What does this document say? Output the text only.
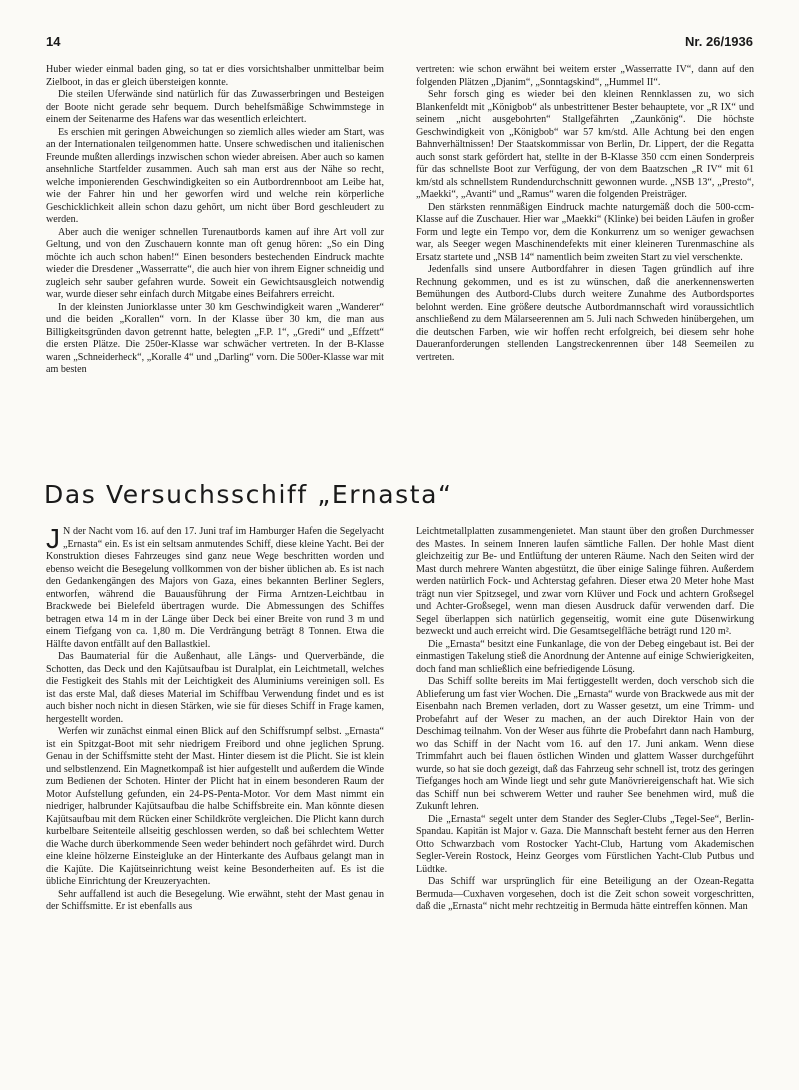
14	Nr. 26/1936

Huber wieder einmal baden ging, so tat er dies vorsichtshalber unmittelbar beim Zielboot, in das er gleich übersteigen konnte.

Die steilen Uferwände sind natürlich für das Zuwasserbringen und Besteigen der Boote nicht gerade sehr bequem. Durch behelfsmäßige Schwimmstege in einem der Seitenarme des Hafens war das wesentlich erleichtert.

Es erschien mit geringen Abweichungen so ziemlich alles wieder am Start, was an der Internationalen teilgenommen hatte. Unsere schwedischen und italienischen Freunde mußten allerdings inzwischen schon wieder abreisen. Aber auch so kamen ansehnliche Startfelder zusammen. Auch sah man erst aus der Nähe so recht, welche imponierenden Geschwindigkeiten so ein Autbordrennboot am Leibe hat, wie der Fahrer hin und her geworfen wird und welche rein körperliche Geschicklichkeit allein schon dazu gehört, um nicht über Bord geschleudert zu werden.

Aber auch die weniger schnellen Turenautbords kamen auf ihre Art voll zur Geltung, und von den Zuschauern konnte man oft genug hören: „So ein Ding möchte ich auch schon haben!“ Einen besonders bestechenden Eindruck machte wieder die Dresdener „Wasserratte“, die auch hier von ihrem Eigner schneidig und zugleich sehr sauber gefahren wurde. Soweit ein Gewichtsausgleich notwendig war, wurde dieser sehr einfach durch Mitgabe eines Beifahrers erreicht.

In der kleinsten Juniorklasse unter 30 km Geschwindigkeit waren „Wanderer“ und die beiden „Korallen“ vorn. In der Klasse über 30 km, die man aus Billigkeitsgründen davon getrennt hatte, belegten „F.P. 1“, „Gredi“ und „Effzett“ die ersten Plätze. Die 250er-Klasse war schwächer vertreten. In der B-Klasse waren „Schneiderheck“, „Koralle 4“ und „Darling“ vorn. Die 500er-Klasse war mit am besten

vertreten: wie schon erwähnt bei weitem erster „Wasserratte IV“, dann auf den folgenden Plätzen „Djanim“, „Sonntagskind“, „Hummel II“.

Sehr forsch ging es wieder bei den kleinen Rennklassen zu, wo sich Blankenfeldt mit „Königbob“ als unbestrittener Bester behauptete, vor „R IX“ und seinem „nicht ausgebohrten“ Stallgefährten „Zaunkönig“. Die höchste Geschwindigkeit von „Königbob“ war 57 km/std. Alle Achtung bei den engen Bahnverhältnissen! Der Staatskommissar von Berlin, Dr. Lippert, der die Regatta auch sonst stark gefördert hat, stellte in der B-Klasse 350 ccm einen Sonderpreis für das schnellste Boot zur Verfügung, der von dem Baatzschen „R IV“ mit 61 km/std als schnellstem Rundendurchschnitt gewonnen wurde. „NSB 13“, „Presto“, „Maekki“, „Avanti“ und „Ramus“ waren die folgenden Preisträger.

Den stärksten rennmäßigen Eindruck machte naturgemäß doch die 500-ccm-Klasse auf die Zuschauer. Hier war „Maekki“ (Klinke) bei beiden Läufen in großer Form und legte ein Tempo vor, dem die Konkurrenz um so weniger gewachsen war, als Seeger wegen Maschinendefekts mit einer kleineren Turenmaschine als Ersatz startete und „NSB 14“ namentlich beim zweiten Start zu viel verschenkte.

Jedenfalls sind unsere Autbordfahrer in diesen Tagen gründlich auf ihre Rechnung gekommen, und es ist zu wünschen, daß die anerkennenswerten Bemühungen des Autbord-Clubs durch weitere Zunahme des Autbordsportes belohnt werden. Eine größere deutsche Autbordmannschaft wird voraussichtlich anschließend zu dem Mälarseerennen am 5. Juli nach Schweden hinübergehen, um die deutschen Farben, wie wir hoffen recht erfolgreich, bei diesem sehr hohe Daueranforderungen stellenden Langstreckenrennen über 148 Seemeilen zu vertreten.

Das Versuchsschiff „Ernasta“

J N der Nacht vom 16. auf den 17. Juni traf im Hamburger Hafen die Segelyacht „Ernasta“ ein. Es ist ein seltsam anmutendes Schiff, diese kleine Yacht. Bei der Konstruktion dieses Fahrzeuges sind ganz neue Wege beschritten worden und ebenso weicht die Besegelung vollkommen von der bisher üblichen ab. Es ist nach den Gedankengängen des Majors von Gaza, eines bekannten Berliner Seglers, entworfen, während die Bauausführung der Firma Arntzen-Leichtbau in Brackwede bei Bielefeld übertragen wurde. Die Abmessungen des Schiffes betragen etwa 14 m in der Länge über Deck bei einer Breite von rund 3 m und einem Tiefgang von ca. 1,80 m. Die Verdrängung beträgt 8 Tonnen. Etwa die Hälfte davon entfällt auf den Ballastkiel.

Das Baumaterial für die Außenhaut, alle Längs- und Querverbände, die Schotten, das Deck und den Kajütsaufbau ist Duralplat, ein Leichtmetall, welches die Festigkeit des Stahls mit der Leichtigkeit des Aluminiums vereinigen soll. Es ist das erste Mal, daß dieses Material im Schiffbau Verwendung findet und es ist auch bisher noch nicht in diesen Stärken, wie sie für dieses Schiff in Frage kamen, hergestellt worden.

Werfen wir zunächst einmal einen Blick auf den Schiffsrumpf selbst. „Ernasta“ ist ein Spitzgat-Boot mit sehr niedrigem Freibord und ohne jeglichen Sprung. Genau in der Schiffsmitte steht der Mast. Hinter diesem ist die Plicht. Sie ist klein und selbstlenzend. Ein Magnetkompaß ist hier aufgestellt und außerdem die Winde zum Bedienen der Schoten. Hinter der Plicht hat in einem besonderen Raum der Motor Aufstellung gefunden, ein 24-PS-Penta-Motor. Vor dem Mast nimmt ein niedriger, halbrunder Kajütsaufbau die halbe Schiffsbreite ein. Man könnte diesen Kajütsaufbau mit dem Rücken einer Schildkröte vergleichen. Die Plicht kann durch kurbelbare Seitenteile allseitig geschlossen werden, so daß bei schlechtem Wetter die Wache durch überkommende Seen weder behindert noch gefährdet wird. Durch eine kleine hölzerne Einsteigluke an der Hinterkante des Aufbaus gelangt man in die Kajüte. Die Kajütseinrichtung weist keine Besonderheiten auf. Es ist die übliche Einrichtung der Kreuzeryachten.

Sehr auffallend ist auch die Besegelung. Wie erwähnt, steht der Mast genau in der Schiffsmitte. Er ist ebenfalls aus

Leichtmetallplatten zusammengenietet. Man staunt über den großen Durchmesser des Mastes. In seinem Inneren laufen sämtliche Fallen. Der hohle Mast dient gleichzeitig zur Be- und Entlüftung der unteren Räume. Nach den Seiten wird der Mast durch mehrere Wanten abgestützt, die über einige Salinge führen. Außerdem werden natürlich Fock- und Achterstag gefahren. Dieser etwa 20 Meter hohe Mast trägt nun vier Spitzsegel, und zwar vorn Klüver und Fock und achtern Großsegel und Achter-Großsegel, wenn man diesen Ausdruck dafür verwenden darf. Die Segel überlappen sich natürlich gegenseitig, womit eine gute Düsenwirkung bezweckt und auch erreicht wird. Die Gesamtsegelfläche beträgt rund 120 m².

Die „Ernasta“ besitzt eine Funkanlage, die von der Debeg eingebaut ist. Bei der einmastigen Takelung stieß die Anordnung der Antenne auf einige Schwierigkeiten, doch fand man schließlich eine befriedigende Lösung.

Das Schiff sollte bereits im Mai fertiggestellt werden, doch verschob sich die Ablieferung um fast vier Wochen. Die „Ernasta“ wurde von Brackwede aus mit der Eisenbahn nach Bremen verladen, dort zu Wasser gesetzt, um eine Trimm- und Probefahrt auf der Weser zu machen, an der auch Direktor Hain von der Deschimag teilnahm. Von der Weser aus führte die Probefahrt dann nach Hamburg, wo das Schiff in der Nacht vom 16. auf den 17. Juni ankam. Wenn diese Trimmfahrt auch bei flauen östlichen Winden und glattem Wasser durchgeführt wurde, so hat sie doch gezeigt, daß das Fahrzeug sehr schnell ist, trotz des geringen Tiefganges hoch am Winde liegt und sehr gute Manövriereigenschaft hat. Wie sich das Schiff nun bei schwerem Wetter und rauher See benehmen wird, muß die Zukunft lehren.

Die „Ernasta“ segelt unter dem Stander des Segler-Clubs „Tegel-See“, Berlin-Spandau. Kapitän ist Major v. Gaza. Die Mannschaft besteht ferner aus den Herren Otto Schwarzbach vom Rostocker Yacht-Club, Hartung vom Akademischen Segler-Verein Rostock, Heinz Georges vom Fürstlichen Yacht-Club Putbus und Lüdtke.

Das Schiff war ursprünglich für eine Beteiligung an der Ozean-Regatta Bermuda—Cuxhaven vorgesehen, doch ist die Zeit schon soweit vorgeschritten, daß die „Ernasta“ nicht mehr rechtzeitig in Bermuda hätte eintreffen können. Man
